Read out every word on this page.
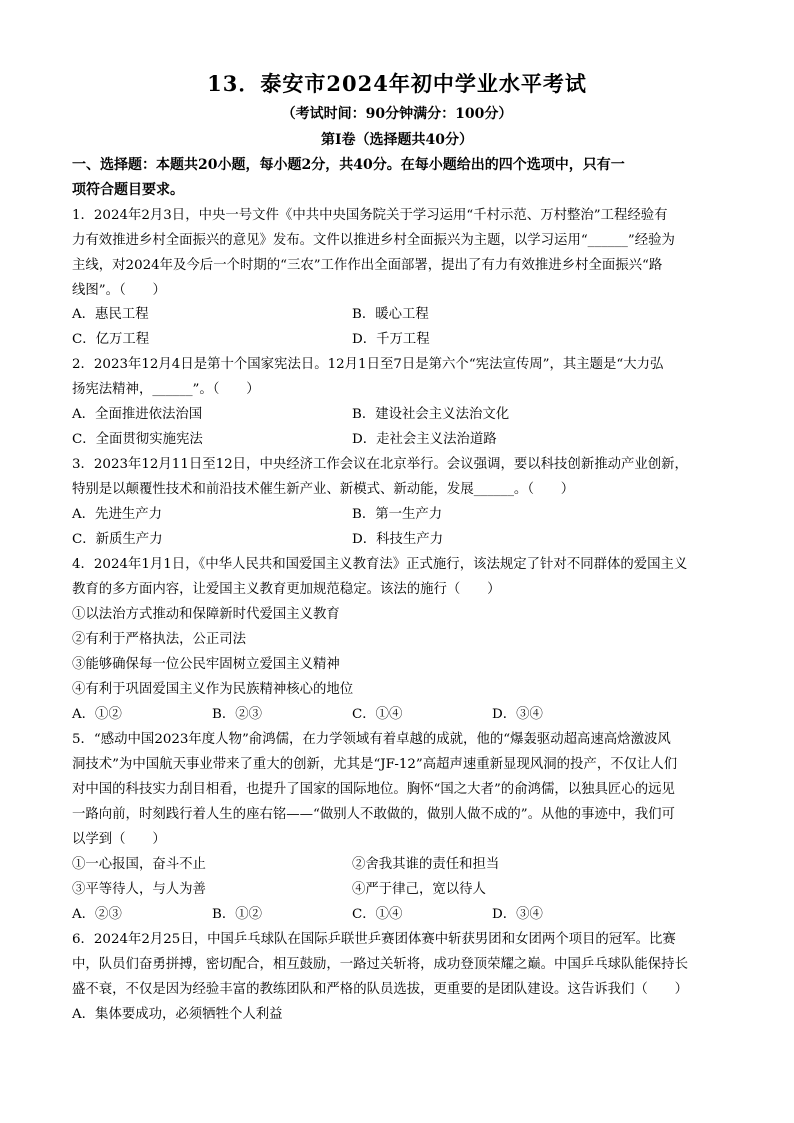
13．泰安市2024年初中学业水平考试
（考试时间：90分钟满分：100分）
第Ⅰ卷（选择题共40分）
一、选择题：本题共20小题，每小题2分，共40分。在每小题给出的四个选项中，只有一
项符合题目要求。
1．2024年2月3日，中央一号文件《中共中央国务院关于学习运用“千村示范、万村整治”工程经验有
力有效推进乡村全面振兴的意见》发布。文件以推进乡村全面振兴为主题，以学习运用“______”经验为
主线，对2024年及今后一个时期的“三农”工作作出全面部署，提出了有力有效推进乡村全面振兴“路
线图”。（　　）
A．惠民工程	B．暖心工程
C．亿万工程	D．千万工程
2．2023年12月4日是第十个国家宪法日。12月1日至7日是第六个“宪法宣传周”，其主题是“大力弘
扬宪法精神，______”。（　　）
A．全面推进依法治国	B．建设社会主义法治文化
C．全面贯彻实施宪法	D．走社会主义法治道路
3．2023年12月11日至12日，中央经济工作会议在北京举行。会议强调，要以科技创新推动产业创新，
特别是以颠覆性技术和前沿技术催生新产业、新模式、新动能，发展______。（　　）
A．先进生产力	B．第一生产力
C．新质生产力	D．科技生产力
4．2024年1月1日，《中华人民共和国爱国主义教育法》正式施行，该法规定了针对不同群体的爱国主义
教育的多方面内容，让爱国主义教育更加规范稳定。该法的施行（　　）
①以法治方式推动和保障新时代爱国主义教育
②有利于严格执法，公正司法
③能够确保每一位公民牢固树立爱国主义精神
④有利于巩固爱国主义作为民族精神核心的地位
A．①②	B．②③	C．①④	D．③④
5．“感动中国2023年度人物”俞鸿儒，在力学领域有着卓越的成就，他的“爆轰驱动超高速高焓激波风
洞技术”为中国航天事业带来了重大的创新，尤其是“JF-12”高超声速重新显现风洞的投产，不仅让人们
对中国的科技实力刮目相看，也提升了国家的国际地位。胸怀“国之大者”的俞鸿儒，以独具匠心的远见
一路向前，时刻践行着人生的座右铭——“做别人不敢做的，做别人做不成的”。从他的事迹中，我们可
以学到（　　）
①一心报国，奋斗不止	②舍我其谁的责任和担当
③平等待人，与人为善	④严于律己，宽以待人
A．②③	B．①②	C．①④	D．③④
6．2024年2月25日，中国乒乓球队在国际乒联世乒赛团体赛中斩获男团和女团两个项目的冠军。比赛
中，队员们奋勇拼搏，密切配合，相互鼓励，一路过关斩将，成功登顶荣耀之巅。中国乒乓球队能保持长
盛不衰，不仅是因为经验丰富的教练团队和严格的队员选拔，更重要的是团队建设。这告诉我们（　　）
A．集体要成功，必须牺牲个人利益
